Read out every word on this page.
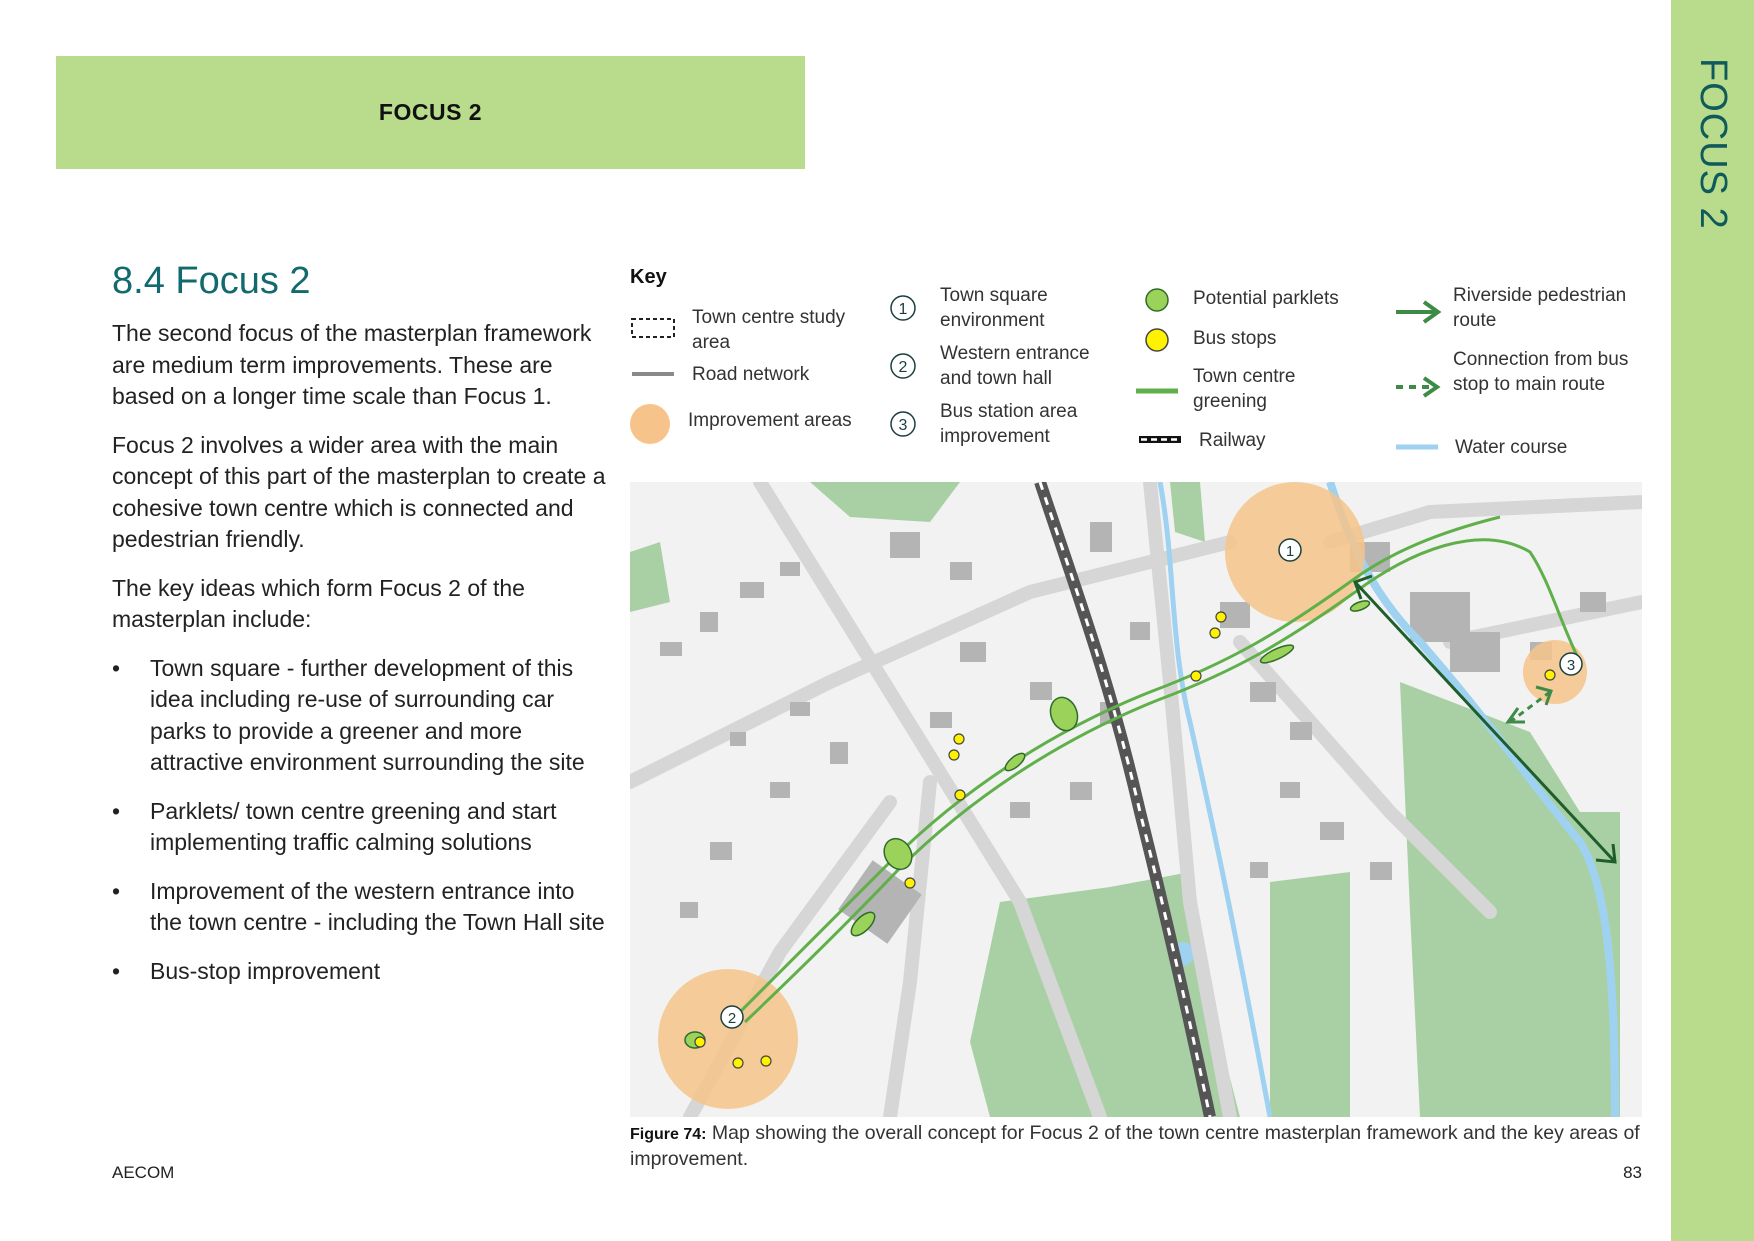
FOCUS 2	FOCUS 2
8.4 Focus 2

The second focus of the masterplan framework are medium term improvements. These are based on a longer time scale than Focus 1.

Focus 2 involves a wider area with the main concept of this part of the masterplan to create a cohesive town centre which is connected and pedestrian friendly.

The key ideas which form Focus 2 of the masterplan include:

• Town square - further development of this idea including re-use of surrounding car parks to provide a greener and more attractive environment surrounding the site
• Parklets/ town centre greening and start implementing traffic calming solutions
• Improvement of the western entrance into the town centre - including the Town Hall site
• Bus-stop improvement
Key
Town centre study area
Road network
Improvement areas
1
Town square environment
2
Western entrance and town hall
3
Bus station area improvement
Potential parklets
Bus stops
Town centre greening
Railway
Riverside pedestrian route
Connection from bus stop to main route
Water course
1
2
3
Figure 74: Map showing the overall concept for Focus 2 of the town centre masterplan framework and the key areas of improvement.
AECOM	83
